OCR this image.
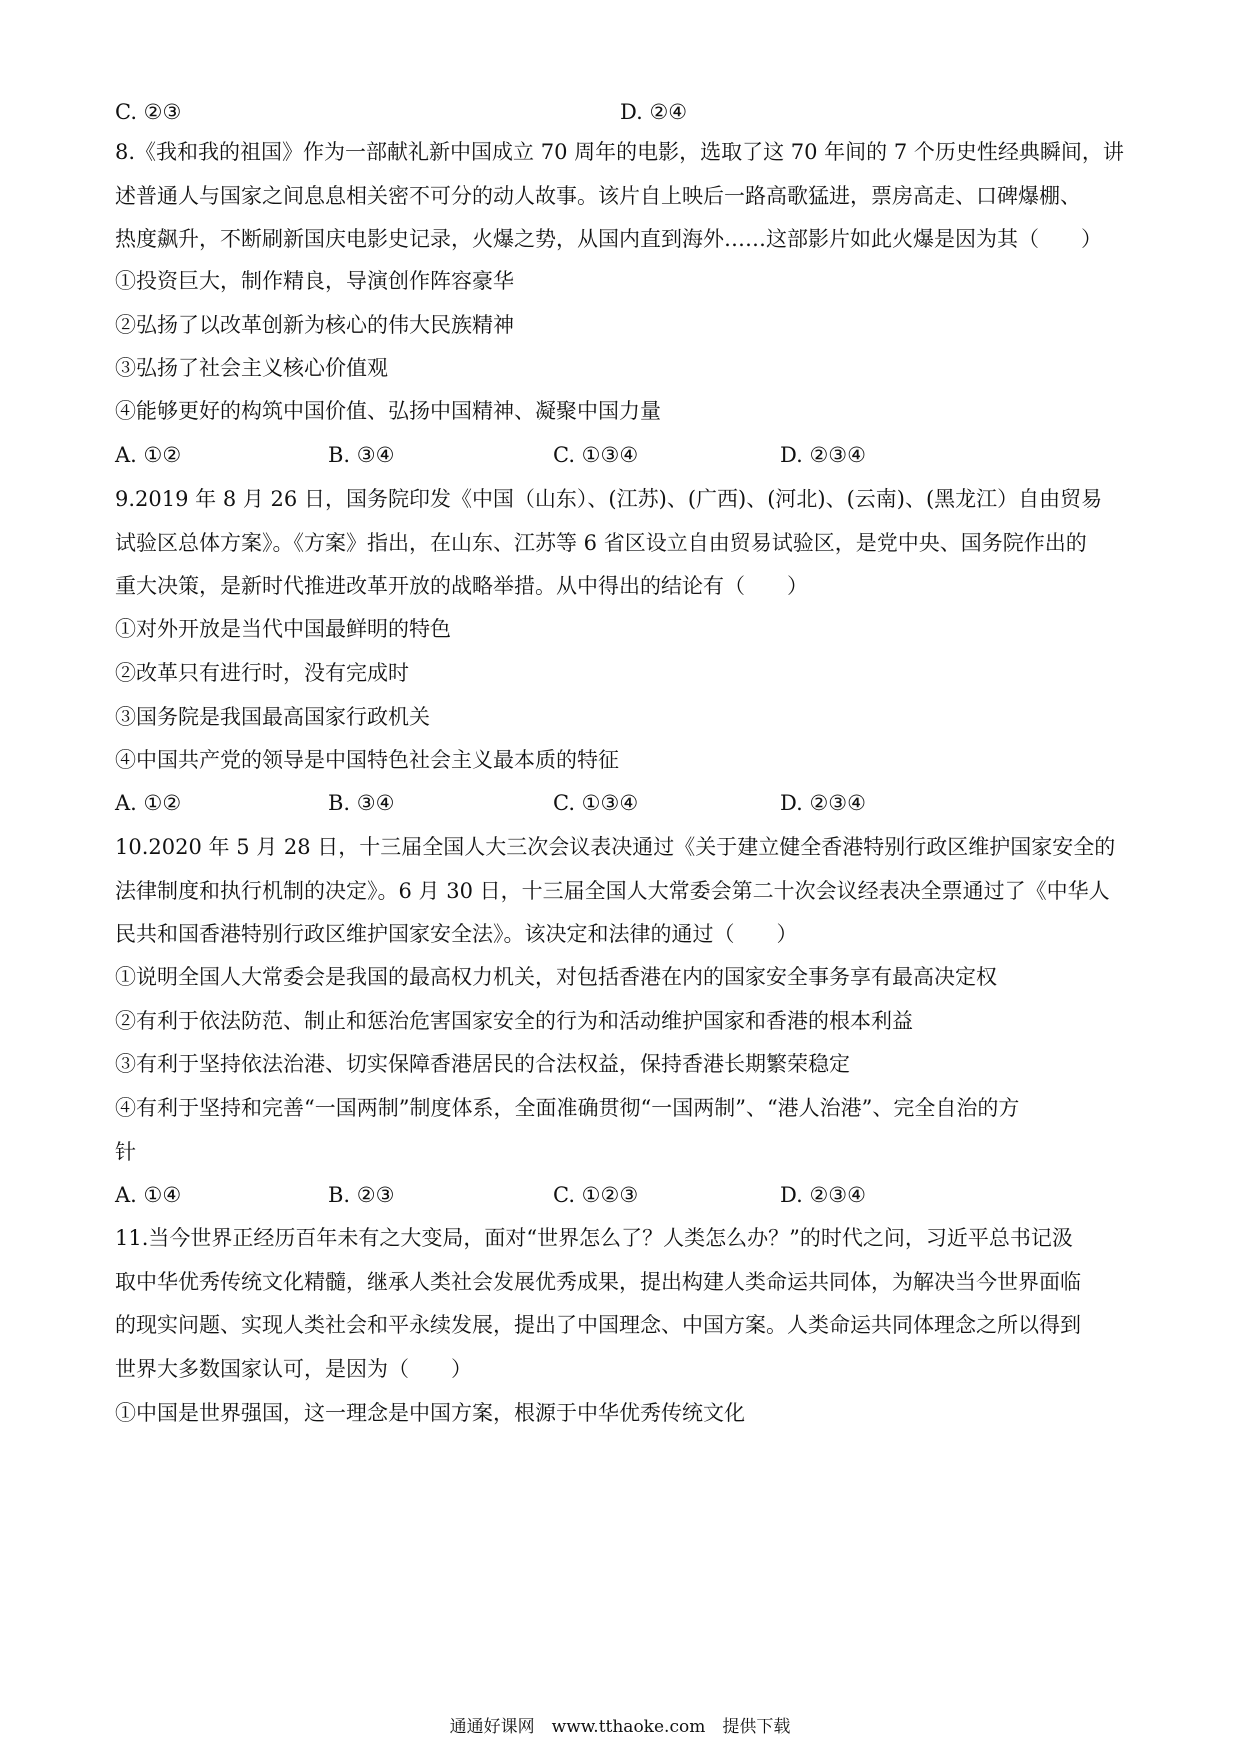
C. ②③	D. ②④
8.《我和我的祖国》作为一部献礼新中国成立 70 周年的电影，选取了这 70 年间的 7 个历史性经典瞬间，讲
述普通人与国家之间息息相关密不可分的动人故事。该片自上映后一路高歌猛进，票房高走、口碑爆棚、
热度飙升，不断刷新国庆电影史记录，火爆之势，从国内直到海外……这部影片如此火爆是因为其（　　）
①投资巨大，制作精良，导演创作阵容豪华
②弘扬了以改革创新为核心的伟大民族精神
③弘扬了社会主义核心价值观
④能够更好的构筑中国价值、弘扬中国精神、凝聚中国力量
A. ①②	B. ③④	C. ①③④	D. ②③④
9.2019 年 8 月 26 日，国务院印发《中国（山东）、(江苏)、(广西)、(河北)、(云南)、(黑龙江）自由贸易
试验区总体方案》。《方案》指出，在山东、江苏等 6 省区设立自由贸易试验区，是党中央、国务院作出的
重大决策，是新时代推进改革开放的战略举措。从中得出的结论有（　　）
①对外开放是当代中国最鲜明的特色
②改革只有进行时，没有完成时
③国务院是我国最高国家行政机关
④中国共产党的领导是中国特色社会主义最本质的特征
A. ①②	B. ③④	C. ①③④	D. ②③④
10.2020 年 5 月 28 日，十三届全国人大三次会议表决通过《关于建立健全香港特别行政区维护国家安全的
法律制度和执行机制的决定》。6 月 30 日，十三届全国人大常委会第二十次会议经表决全票通过了《中华人
民共和国香港特别行政区维护国家安全法》。该决定和法律的通过（　　）
①说明全国人大常委会是我国的最高权力机关，对包括香港在内的国家安全事务享有最高决定权
②有利于依法防范、制止和惩治危害国家安全的行为和活动维护国家和香港的根本利益
③有利于坚持依法治港、切实保障香港居民的合法权益，保持香港长期繁荣稳定
④有利于坚持和完善“一国两制”制度体系，全面准确贯彻“一国两制”、“港人治港”、完全自治的方
针
A. ①④	B. ②③	C. ①②③	D. ②③④
11.当今世界正经历百年未有之大变局，面对“世界怎么了？人类怎么办？”的时代之问，习近平总书记汲
取中华优秀传统文化精髓，继承人类社会发展优秀成果，提出构建人类命运共同体，为解决当今世界面临
的现实问题、实现人类社会和平永续发展，提出了中国理念、中国方案。人类命运共同体理念之所以得到
世界大多数国家认可，是因为（　　）
①中国是世界强国，这一理念是中国方案，根源于中华优秀传统文化
通通好课网　www.tthaoke.com　提供下载
